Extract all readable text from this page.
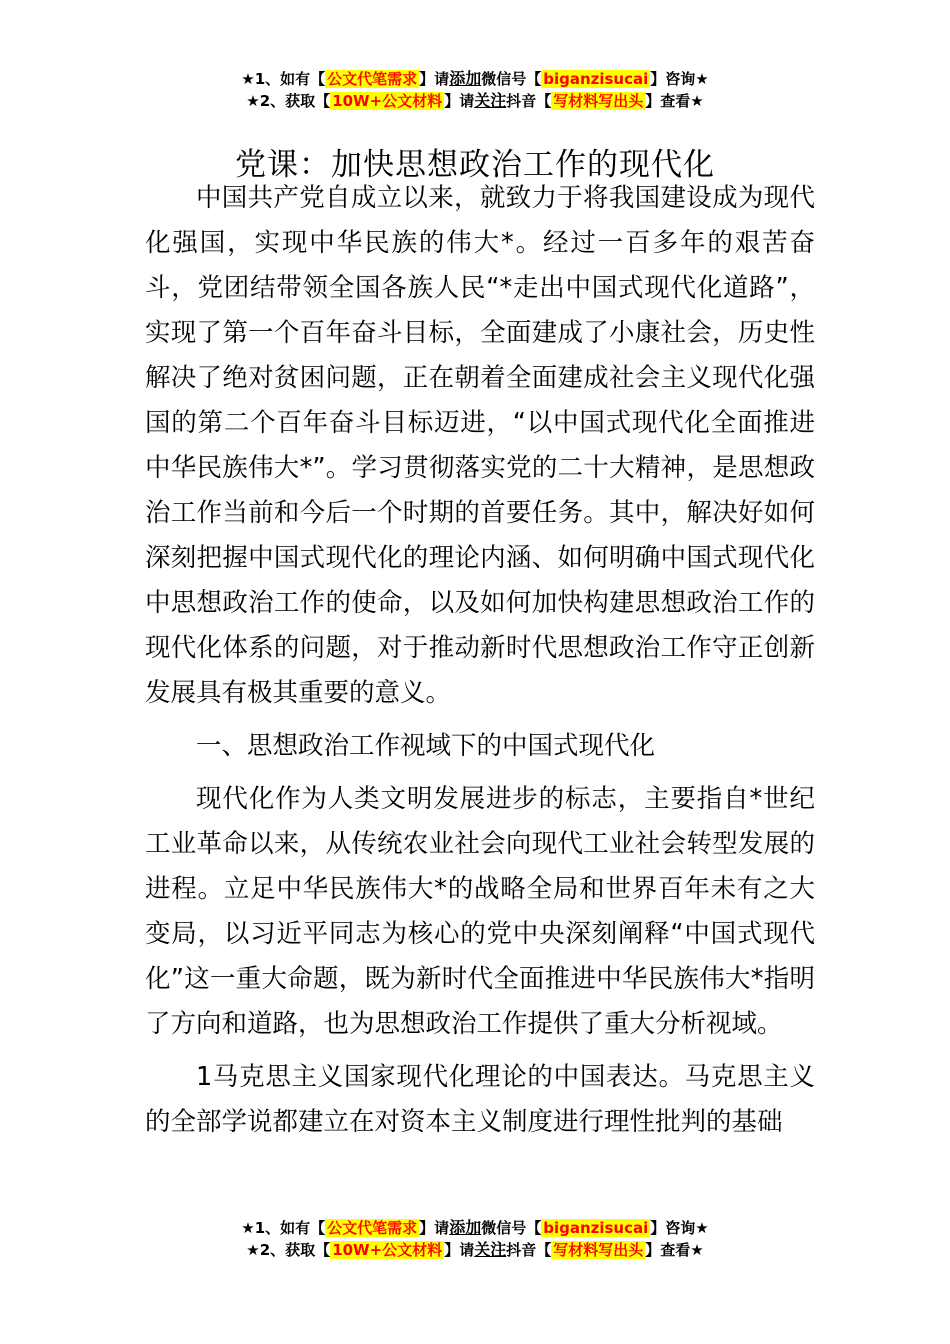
★1、如有【 公文代笔需求 】请添加微信号【 biganzisucai 】咨询★
★2、获取【 10W+公文材料 】请关注抖音【 写材料写出头 】查看★
党课：加快思想政治工作的现代化

中国共产党自成立以来，就致力于将我国建设成为现代化强国，实现中华民族的伟大*。经过一百多年的艰苦奋斗，党团结带领全国各族人民“*走出中国式现代化道路”，实现了第一个百年奋斗目标，全面建成了小康社会，历史性解决了绝对贫困问题，正在朝着全面建成社会主义现代化强国的第二个百年奋斗目标迈进，“以中国式现代化全面推进中华民族伟大*”。学习贯彻落实党的二十大精神，是思想政治工作当前和今后一个时期的首要任务。其中，解决好如何深刻把握中国式现代化的理论内涵、如何明确中国式现代化中思想政治工作的使命，以及如何加快构建思想政治工作的现代化体系的问题，对于推动新时代思想政治工作守正创新发展具有极其重要的意义。

一、思想政治工作视域下的中国式现代化

现代化作为人类文明发展进步的标志，主要指自*世纪工业革命以来，从传统农业社会向现代工业社会转型发展的进程。立足中华民族伟大*的战略全局和世界百年未有之大变局，以习近平同志为核心的党中央深刻阐释“中国式现代化”这一重大命题，既为新时代全面推进中华民族伟大*指明了方向和道路，也为思想政治工作提供了重大分析视域。

1马克思主义国家现代化理论的中国表达。马克思主义的全部学说都建立在对资本主义制度进行理性批判的基础

★1、如有【 公文代笔需求 】请添加微信号【 biganzisucai 】咨询★
★2、获取【 10W+公文材料 】请关注抖音【 写材料写出头 】查看★
